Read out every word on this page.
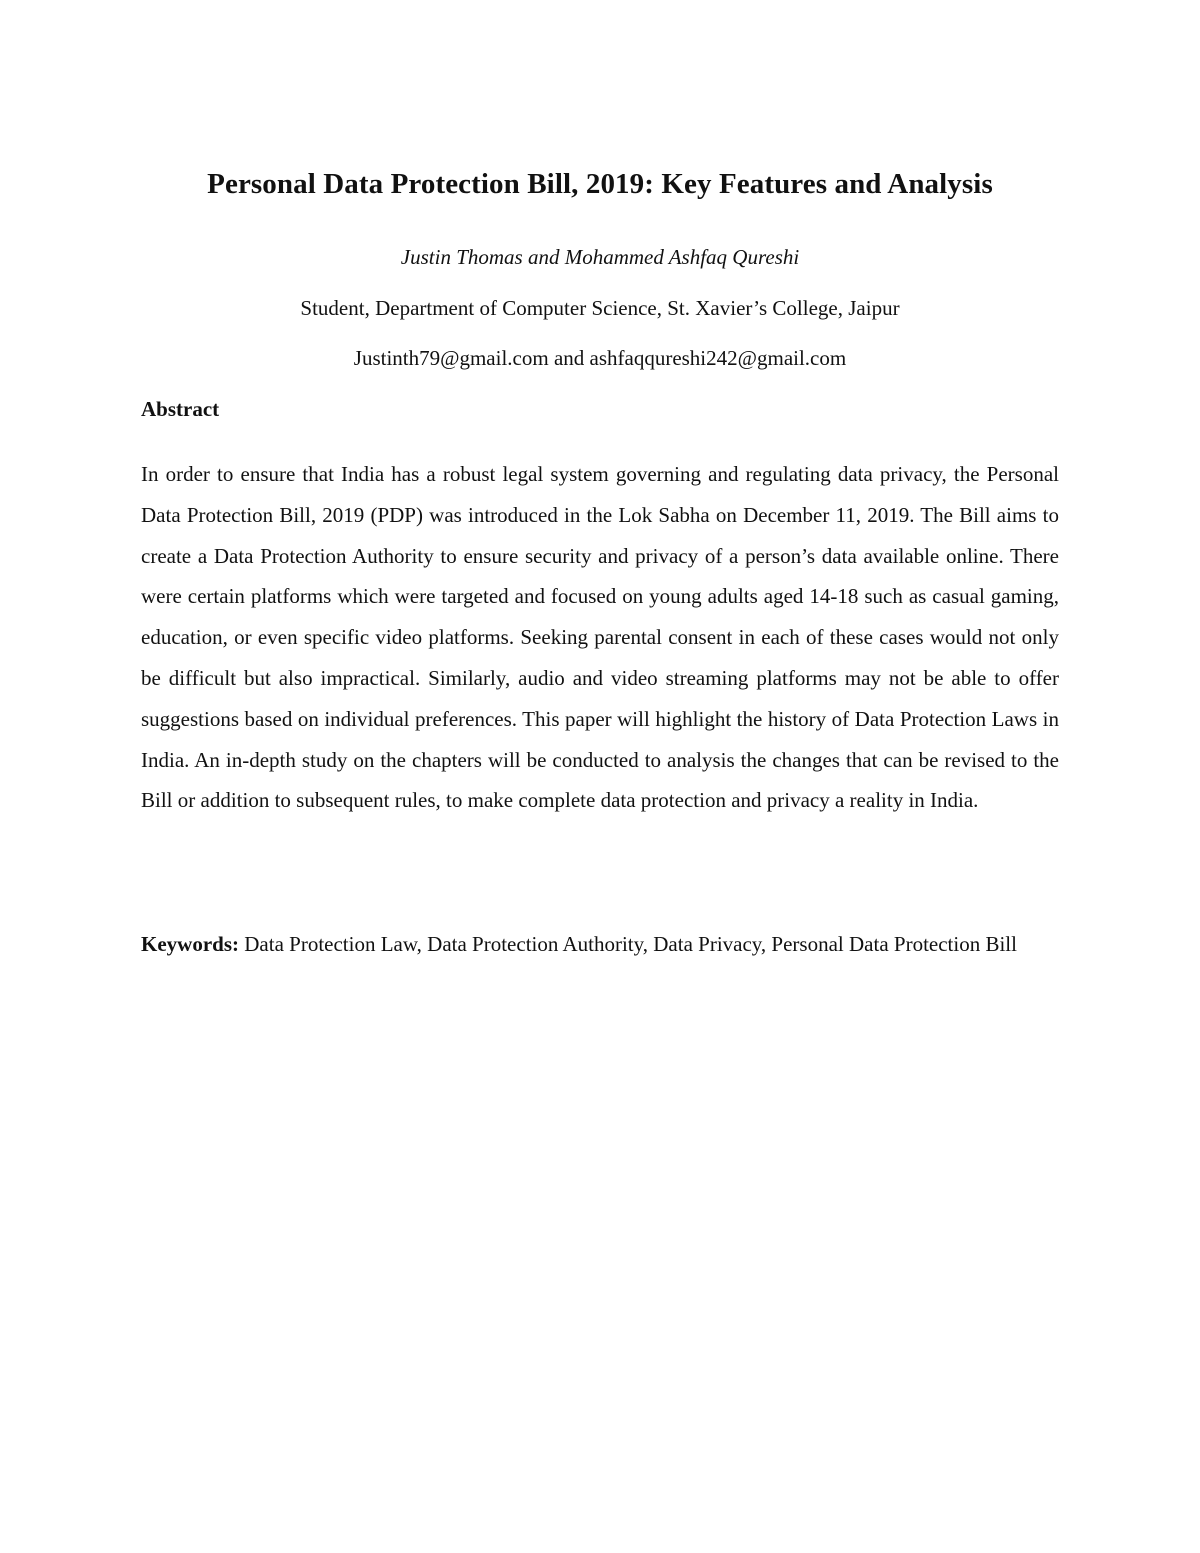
Personal Data Protection Bill, 2019: Key Features and Analysis
Justin Thomas and Mohammed Ashfaq Qureshi
Student, Department of Computer Science, St. Xavier’s College, Jaipur
Justinth79@gmail.com and ashfaqqureshi242@gmail.com
Abstract

In order to ensure that India has a robust legal system governing and regulating data privacy, the Personal Data Protection Bill, 2019 (PDP) was introduced in the Lok Sabha on December 11, 2019. The Bill aims to create a Data Protection Authority to ensure security and privacy of a person’s data available online. There were certain platforms which were targeted and focused on young adults aged 14-18 such as casual gaming, education, or even specific video platforms. Seeking parental consent in each of these cases would not only be difficult but also impractical. Similarly, audio and video streaming platforms may not be able to offer suggestions based on individual preferences. This paper will highlight the history of Data Protection Laws in India. An in-depth study on the chapters will be conducted to analysis the changes that can be revised to the Bill or addition to subsequent rules, to make complete data protection and privacy a reality in India.

Keywords: Data Protection Law, Data Protection Authority, Data Privacy, Personal Data Protection Bill
